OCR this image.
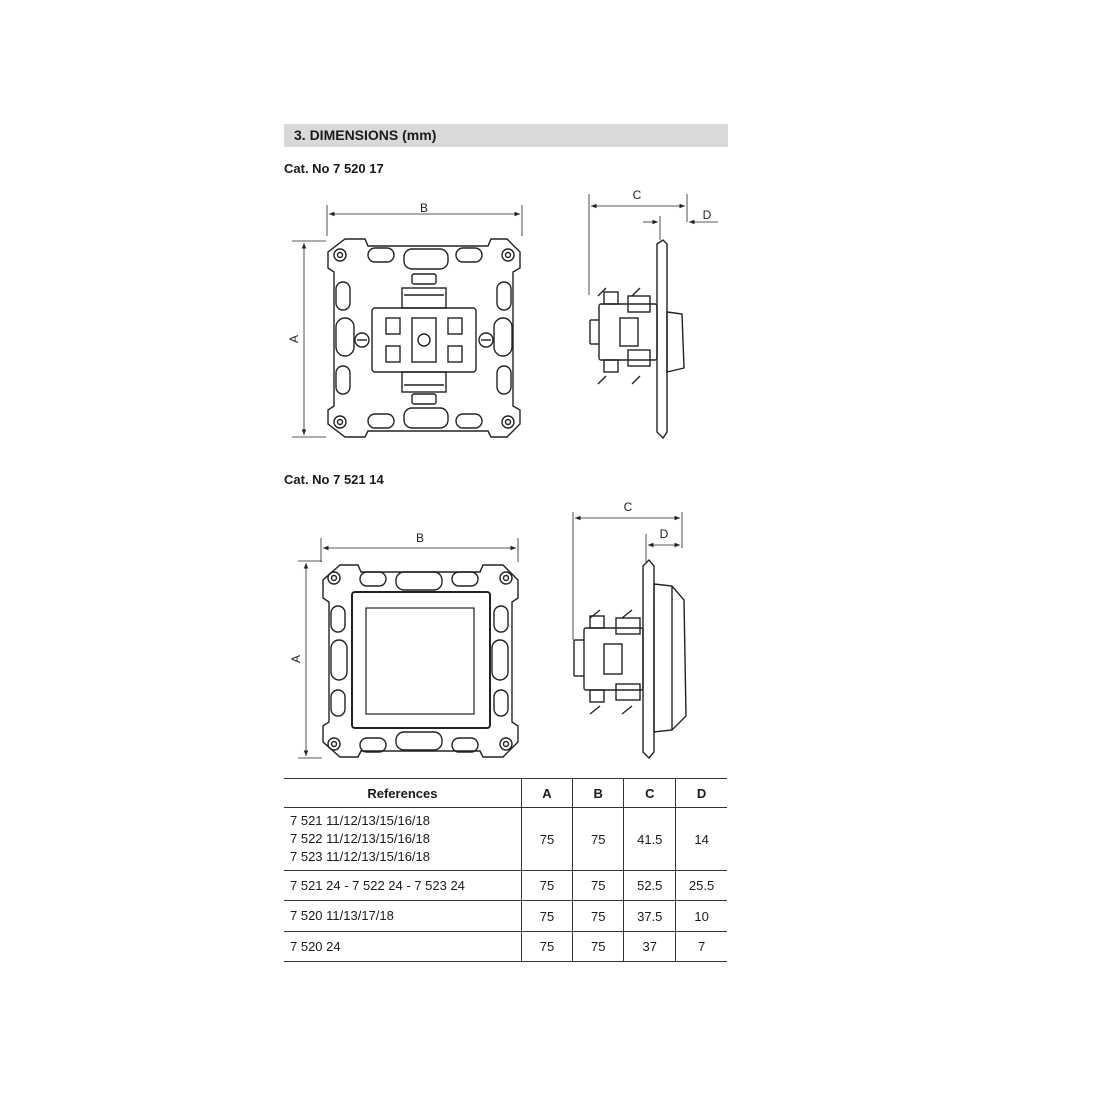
3. DIMENSIONS (mm)
Cat. No 7 520 17
Cat. No 7 521 14
B
A
C
D
B
A
C
D
References	A	B	C	D

7 521 11/12/13/15/16/18
7 522 11/12/13/15/16/18
7 523 11/12/13/15/16/18	75	75	41.5	14

7 521 24 - 7 522 24 - 7 523 24	75	75	52.5	25.5

7 520 11/13/17/18	75	75	37.5	10

7 520 24	75	75	37	7
